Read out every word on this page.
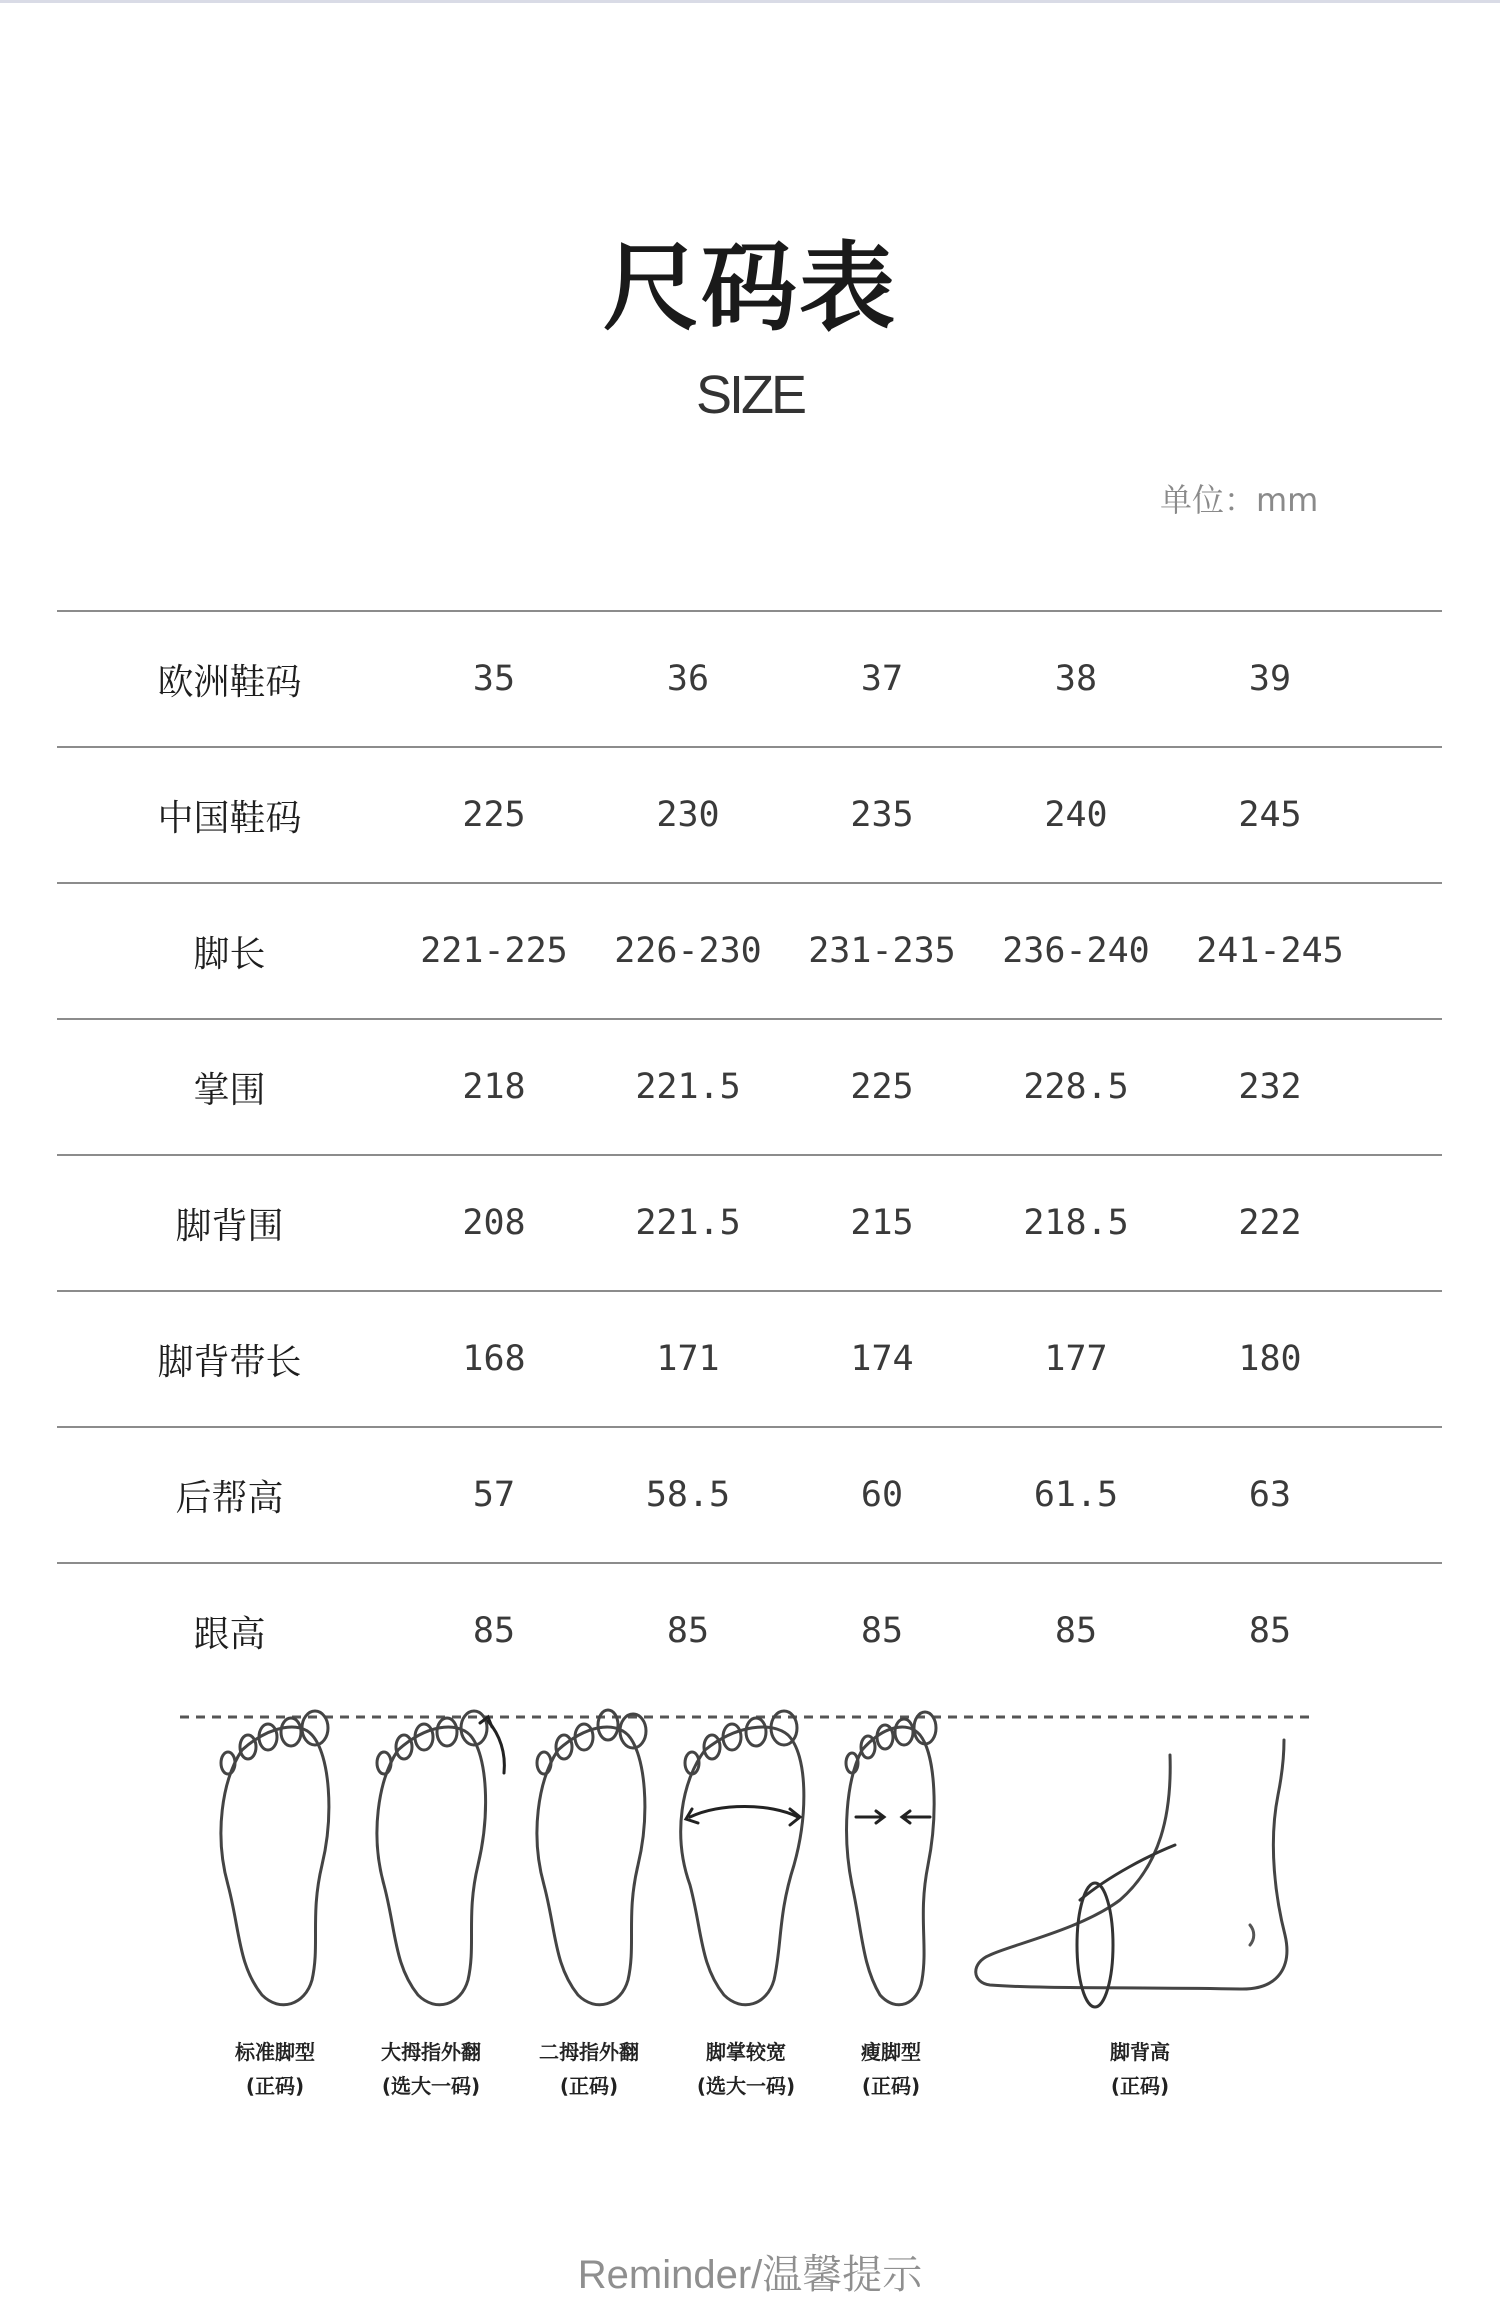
尺码表
SIZE
单位：mm
欧洲鞋码	35	36	37	38	39
中国鞋码	225	230	235	240	245
脚长	221-225	226-230	231-235	236-240	241-245
掌围	218	221.5	225	228.5	232
脚背围	208	221.5	215	218.5	222
脚背带长	168	171	174	177	180
后帮高	57	58.5	60	61.5	63
跟高	85	85	85	85	85
标准脚型
(正码)
大拇指外翻
(选大一码)
二拇指外翻
(正码)
脚掌较宽
(选大一码)
瘦脚型
(正码)
脚背高
(正码)
Reminder/温馨提示
